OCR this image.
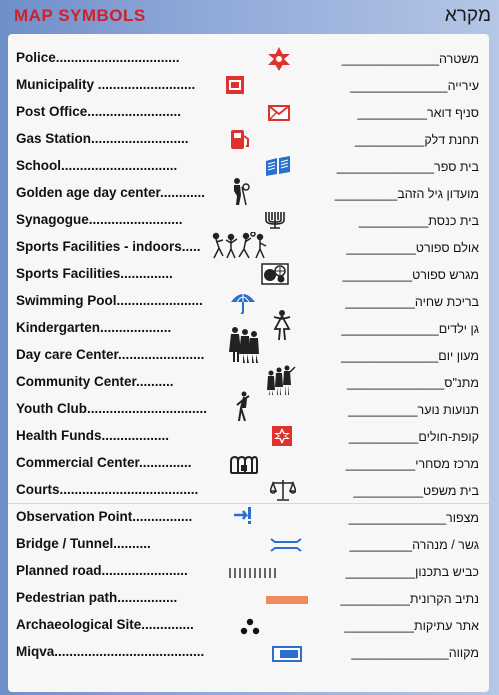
MAP SYMBOLS	מקרא
Police.................................	משטרה______________
Municipality ..........................	עירייה______________
Post Office.........................	סניף דואר__________
Gas Station..........................	תחנת דלק__________
School...............................	בית ספר______________
Golden age day center............	מועדון גיל הזהב_________
Synagogue.........................	בית כנסת__________
Sports Facilities - indoors.....	אולם ספורט__________
Sports Facilities..............	מגרש ספורט__________
Swimming Pool.......................	בריכת שחיה__________
Kindergarten...................	גן ילדים______________
Day care Center.......................	מעון יום______________
Community Center..........	מתנ"ס______________
Youth Club................................	תנועות נוער__________
Health Funds..................	קופת-חולים__________
Commercial Center..............	מרכז מסחרי__________
Courts.....................................	בית משפט__________
Observation Point................	מצפור______________
Bridge / Tunnel..........	גשר / מנהרה_________
Planned road.......................	כביש בתכנון__________
Pedestrian path................	נתיב הקרונית__________
Archaeological Site..............	אתר עתיקות__________
Miqva........................................	מקווה______________
